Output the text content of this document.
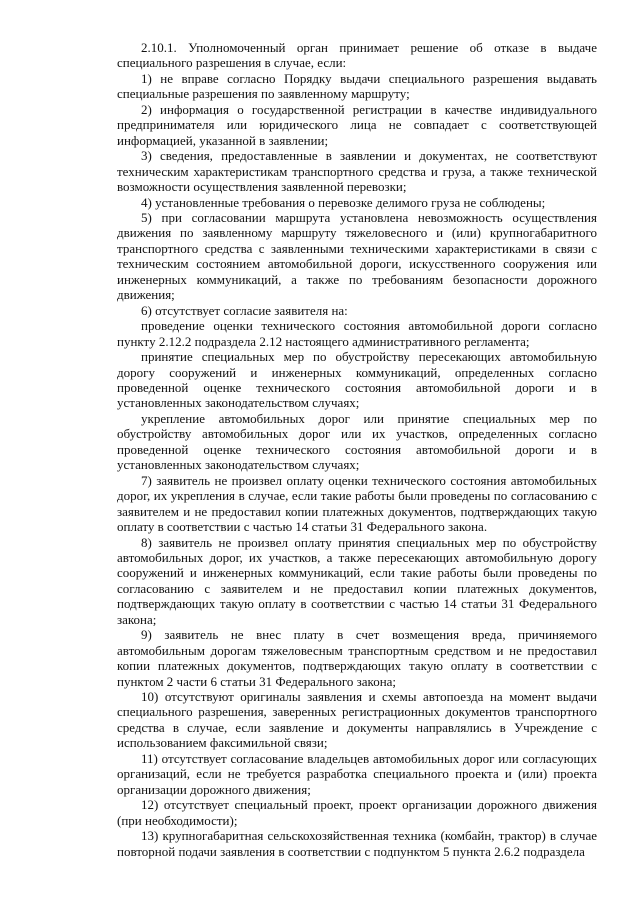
2.10.1. Уполномоченный орган принимает решение об отказе в выдаче специального разрешения в случае, если:

1) не вправе согласно Порядку выдачи специального разрешения выдавать специальные разрешения по заявленному маршруту;

2) информация о государственной регистрации в качестве индивидуального предпринимателя или юридического лица не совпадает с соответствующей информацией, указанной в заявлении;

3) сведения, предоставленные в заявлении и документах, не соответствуют техническим характеристикам транспортного средства и груза, а также технической возможности осуществления заявленной перевозки;

4) установленные требования о перевозке делимого груза не соблюдены;

5) при согласовании маршрута установлена невозможность осуществления движения по заявленному маршруту тяжеловесного и (или) крупногабаритного транспортного средства с заявленными техническими характеристиками в связи с техническим состоянием автомобильной дороги, искусственного сооружения или инженерных коммуникаций, а также по требованиям безопасности дорожного движения;

6) отсутствует согласие заявителя на:

проведение оценки технического состояния автомобильной дороги согласно пункту 2.12.2 подраздела 2.12 настоящего административного регламента;

принятие специальных мер по обустройству пересекающих автомобильную дорогу сооружений и инженерных коммуникаций, определенных согласно проведенной оценке технического состояния автомобильной дороги и в установленных законодательством случаях;

укрепление автомобильных дорог или принятие специальных мер по обустройству автомобильных дорог или их участков, определенных согласно проведенной оценке технического состояния автомобильной дороги и в установленных законодательством случаях;

7) заявитель не произвел оплату оценки технического состояния автомобильных дорог, их укрепления в случае, если такие работы были проведены по согласованию с заявителем и не предоставил копии платежных документов, подтверждающих такую оплату в соответствии с частью 14 статьи 31 Федерального закона.

8) заявитель не произвел оплату принятия специальных мер по обустройству автомобильных дорог, их участков, а также пересекающих автомобильную дорогу сооружений и инженерных коммуникаций, если такие работы были проведены по согласованию с заявителем и не предоставил копии платежных документов, подтверждающих такую оплату в соответствии с частью 14 статьи 31 Федерального закона;

9) заявитель не внес плату в счет возмещения вреда, причиняемого автомобильным дорогам тяжеловесным транспортным средством и не предоставил копии платежных документов, подтверждающих такую оплату в соответствии с пунктом 2 части 6 статьи 31 Федерального закона;

10) отсутствуют оригиналы заявления и схемы автопоезда на момент выдачи специального разрешения, заверенных регистрационных документов транспортного средства в случае, если заявление и документы направлялись в Учреждение с использованием факсимильной связи;

11) отсутствует согласование владельцев автомобильных дорог или согласующих организаций, если не требуется разработка специального проекта и (или) проекта организации дорожного движения;

12) отсутствует специальный проект, проект организации дорожного движения (при необходимости);

13) крупногабаритная сельскохозяйственная техника (комбайн, трактор) в случае повторной подачи заявления в соответствии с подпунктом 5 пункта 2.6.2 подраздела
